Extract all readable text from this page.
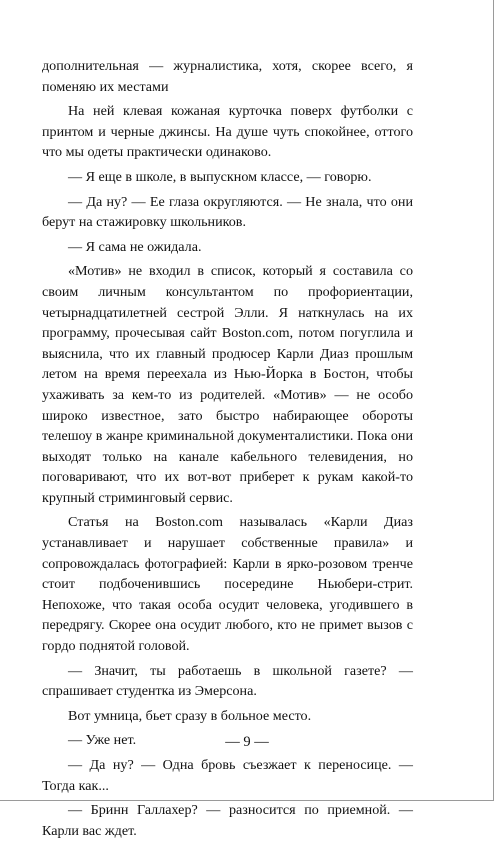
дополнительная — журналистика, хотя, скорее всего, я поменяю их местами

На ней клевая кожаная курточка поверх футболки с принтом и черные джинсы. На душе чуть спокойнее, оттого что мы одеты практически одинаково.

— Я еще в школе, в выпускном классе, — говорю.

— Да ну? — Ее глаза округляются. — Не знала, что они берут на стажировку школьников.

— Я сама не ожидала.

«Мотив» не входил в список, который я составила со своим личным консультантом по профориентации, четырнадцатилетней сестрой Элли. Я наткнулась на их программу, прочесывая сайт Boston.com, потом погуглила и выяснила, что их главный продюсер Карли Диаз прошлым летом на время переехала из Нью-Йорка в Бостон, чтобы ухаживать за кем-то из родителей. «Мотив» — не особо широко известное, зато быстро набирающее обороты телешоу в жанре криминальной документалистики. Пока они выходят только на канале кабельного телевидения, но поговаривают, что их вот-вот приберет к рукам какой-то крупный стриминговый сервис.

Статья на Boston.com называлась «Карли Диаз устанавливает и нарушает собственные правила» и сопровождалась фотографией: Карли в ярко-розовом тренче стоит подбоченившись посередине Ньюбери-стрит. Непохоже, что такая особа осудит человека, угодившего в передрягу. Скорее она осудит любого, кто не примет вызов с гордо поднятой головой.

— Значит, ты работаешь в школьной газете? — спрашивает студентка из Эмерсона.

Вот умница, бьет сразу в больное место.

— Уже нет.

— Да ну? — Одна бровь съезжает к переносице. — Тогда как...

— Бринн Галлахер? — разносится по приемной. — Карли вас ждет.

— 9 —
